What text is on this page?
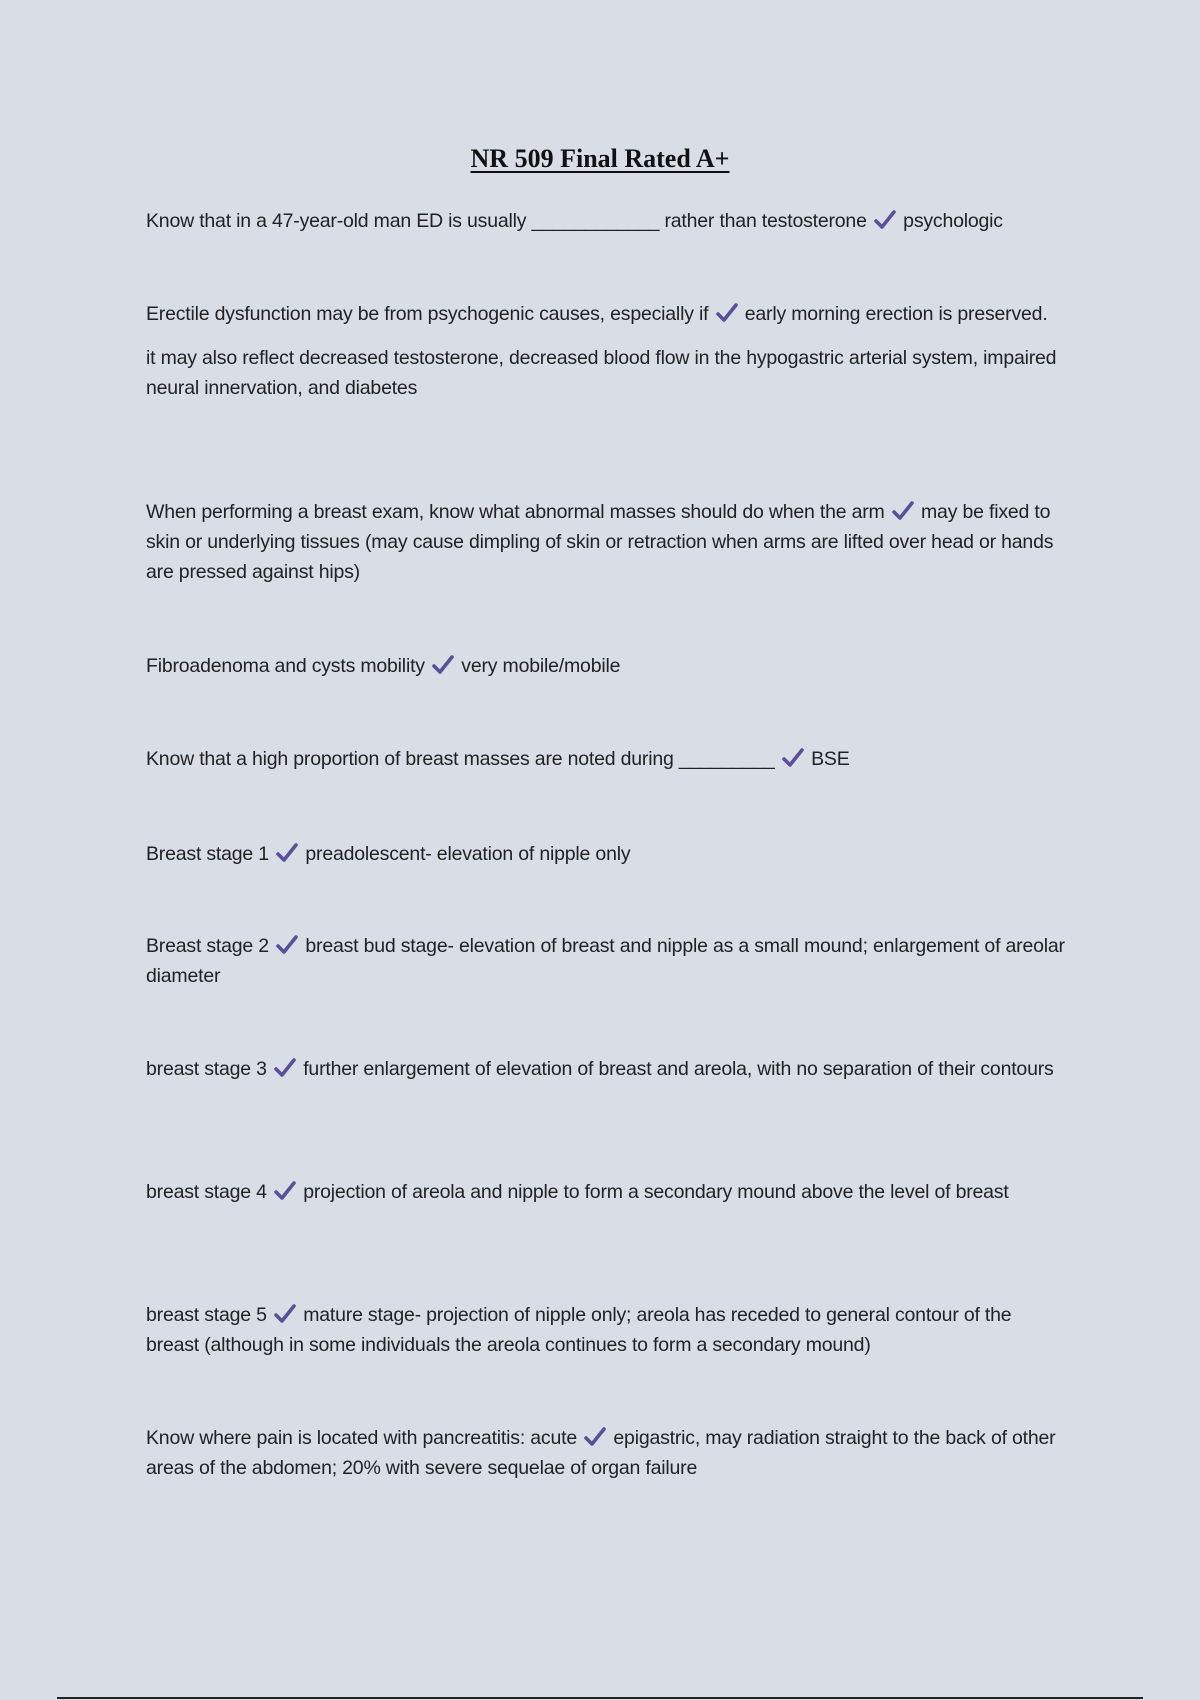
NR 509 Final Rated A+

Know that in a 47-year-old man ED is usually ____________ rather than testosterone psychologic

Erectile dysfunction may be from psychogenic causes, especially if early morning erection is preserved.

it may also reflect decreased testosterone, decreased blood flow in the hypogastric arterial system, impaired neural innervation, and diabetes

When performing a breast exam, know what abnormal masses should do when the arm may be fixed to skin or underlying tissues (may cause dimpling of skin or retraction when arms are lifted over head or hands are pressed against hips)

Fibroadenoma and cysts mobility very mobile/mobile

Know that a high proportion of breast masses are noted during _________ BSE

Breast stage 1 preadolescent- elevation of nipple only

Breast stage 2 breast bud stage- elevation of breast and nipple as a small mound; enlargement of areolar diameter

breast stage 3 further enlargement of elevation of breast and areola, with no separation of their contours

breast stage 4 projection of areola and nipple to form a secondary mound above the level of breast

breast stage 5 mature stage- projection of nipple only; areola has receded to general contour of the breast (although in some individuals the areola continues to form a secondary mound)

Know where pain is located with pancreatitis: acute epigastric, may radiation straight to the back of other areas of the abdomen; 20% with severe sequelae of organ failure
